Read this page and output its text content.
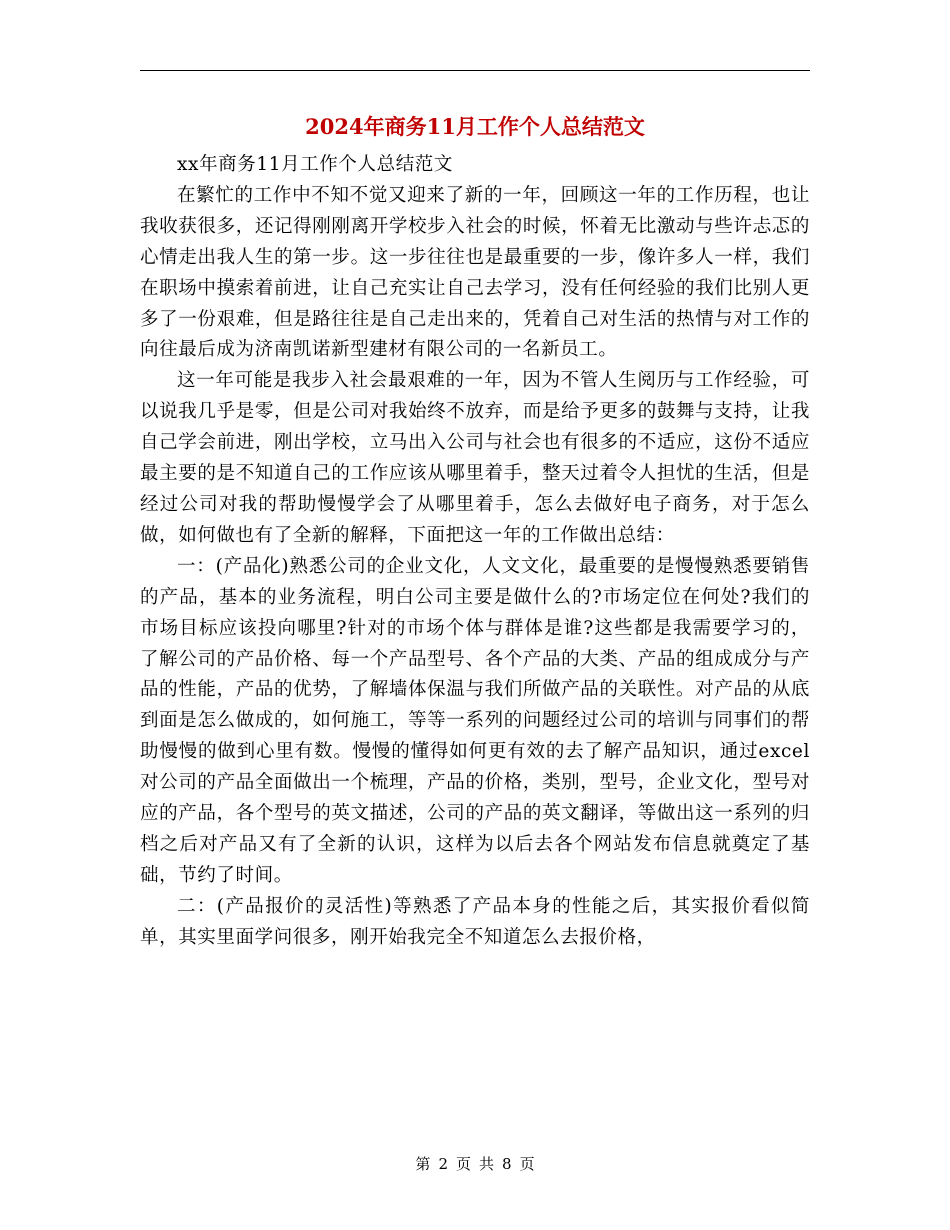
2024年商务11月工作个人总结范文

xx年商务11月工作个人总结范文

在繁忙的工作中不知不觉又迎来了新的一年，回顾这一年的工作历程，也让我收获很多，还记得刚刚离开学校步入社会的时候，怀着无比激动与些许忐忑的心情走出我人生的第一步。这一步往往也是最重要的一步，像许多人一样，我们在职场中摸索着前进，让自己充实让自己去学习，没有任何经验的我们比别人更多了一份艰难，但是路往往是自己走出来的，凭着自己对生活的热情与对工作的向往最后成为济南凯诺新型建材有限公司的一名新员工。

这一年可能是我步入社会最艰难的一年，因为不管人生阅历与工作经验，可以说我几乎是零，但是公司对我始终不放弃，而是给予更多的鼓舞与支持，让我自己学会前进，刚出学校，立马出入公司与社会也有很多的不适应，这份不适应最主要的是不知道自己的工作应该从哪里着手，整天过着令人担忧的生活，但是经过公司对我的帮助慢慢学会了从哪里着手，怎么去做好电子商务，对于怎么做，如何做也有了全新的解释，下面把这一年的工作做出总结：

一：(产品化)熟悉公司的企业文化，人文文化，最重要的是慢慢熟悉要销售的产品，基本的业务流程，明白公司主要是做什么的?市场定位在何处?我们的市场目标应该投向哪里?针对的市场个体与群体是谁?这些都是我需要学习的，了解公司的产品价格、每一个产品型号、各个产品的大类、产品的组成成分与产品的性能，产品的优势，了解墙体保温与我们所做产品的关联性。对产品的从底到面是怎么做成的，如何施工，等等一系列的问题经过公司的培训与同事们的帮助慢慢的做到心里有数。慢慢的懂得如何更有效的去了解产品知识，通过excel对公司的产品全面做出一个梳理，产品的价格，类别，型号，企业文化，型号对应的产品，各个型号的英文描述，公司的产品的英文翻译，等做出这一系列的归档之后对产品又有了全新的认识，这样为以后去各个网站发布信息就奠定了基础，节约了时间。

二：(产品报价的灵活性)等熟悉了产品本身的性能之后，其实报价看似简单，其实里面学问很多，刚开始我完全不知道怎么去报价格，

第 2 页 共 8 页
